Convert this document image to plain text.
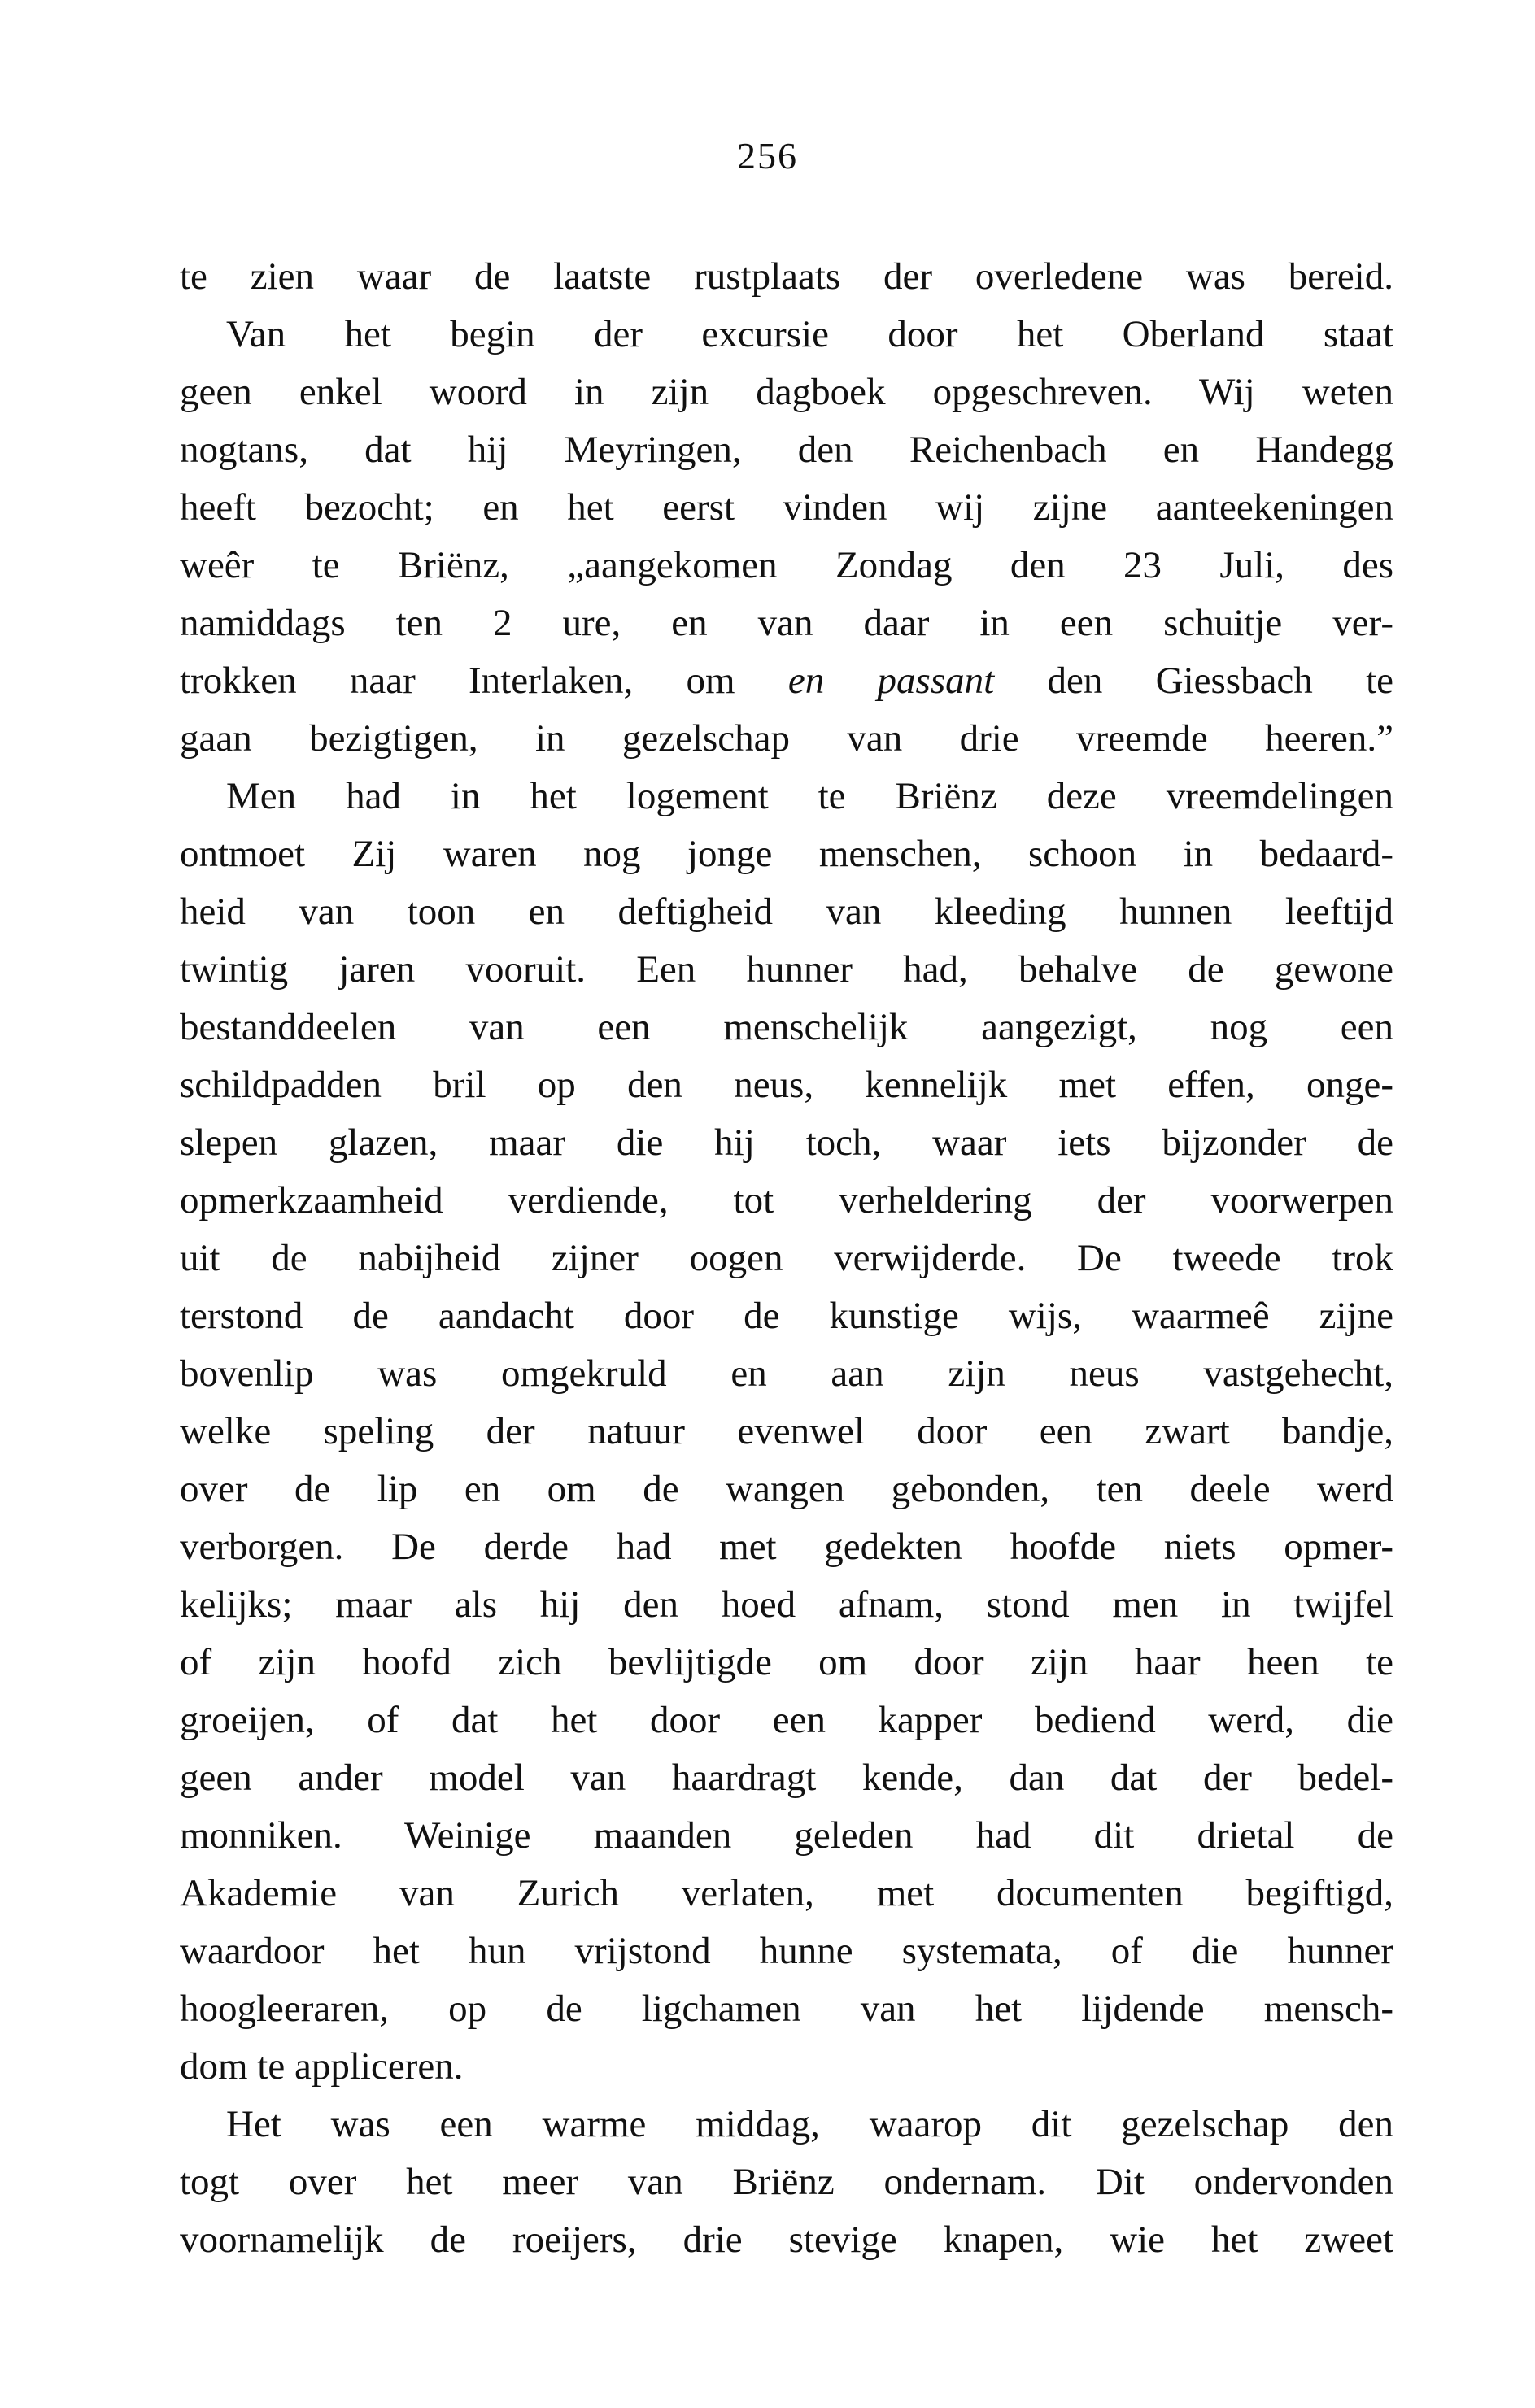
256
te zien waar de laatste rustplaats der overledene was bereid.
Van het begin der excursie door het Oberland staat
geen enkel woord in zijn dagboek opgeschreven. Wij weten
nogtans, dat hij Meyringen, den Reichenbach en Handegg
heeft bezocht; en het eerst vinden wij zijne aanteekeningen
weêr te Briënz, „aangekomen Zondag den 23 Juli, des
namiddags ten 2 ure, en van daar in een schuitje ver-
trokken naar Interlaken, om en passant den Giessbach te
gaan bezigtigen, in gezelschap van drie vreemde heeren.”
Men had in het logement te Briënz deze vreemdelingen
ontmoet Zij waren nog jonge menschen, schoon in bedaard-
heid van toon en deftigheid van kleeding hunnen leeftijd
twintig jaren vooruit. Een hunner had, behalve de gewone
bestanddeelen van een menschelijk aangezigt, nog een
schildpadden bril op den neus, kennelijk met effen, onge-
slepen glazen, maar die hij toch, waar iets bijzonder de
opmerkzaamheid verdiende, tot verheldering der voorwerpen
uit de nabijheid zijner oogen verwijderde. De tweede trok
terstond de aandacht door de kunstige wijs, waarmeê zijne
bovenlip was omgekruld en aan zijn neus vastgehecht,
welke speling der natuur evenwel door een zwart bandje,
over de lip en om de wangen gebonden, ten deele werd
verborgen. De derde had met gedekten hoofde niets opmer-
kelijks; maar als hij den hoed afnam, stond men in twijfel
of zijn hoofd zich bevlijtigde om door zijn haar heen te
groeijen, of dat het door een kapper bediend werd, die
geen ander model van haardragt kende, dan dat der bedel-
monniken. Weinige maanden geleden had dit drietal de
Akademie van Zurich verlaten, met documenten begiftigd,
waardoor het hun vrijstond hunne systemata, of die hunner
hoogleeraren, op de ligchamen van het lijdende mensch-
dom te appliceren.
Het was een warme middag, waarop dit gezelschap den
togt over het meer van Briënz ondernam. Dit ondervonden
voornamelijk de roeijers, drie stevige knapen, wie het zweet
